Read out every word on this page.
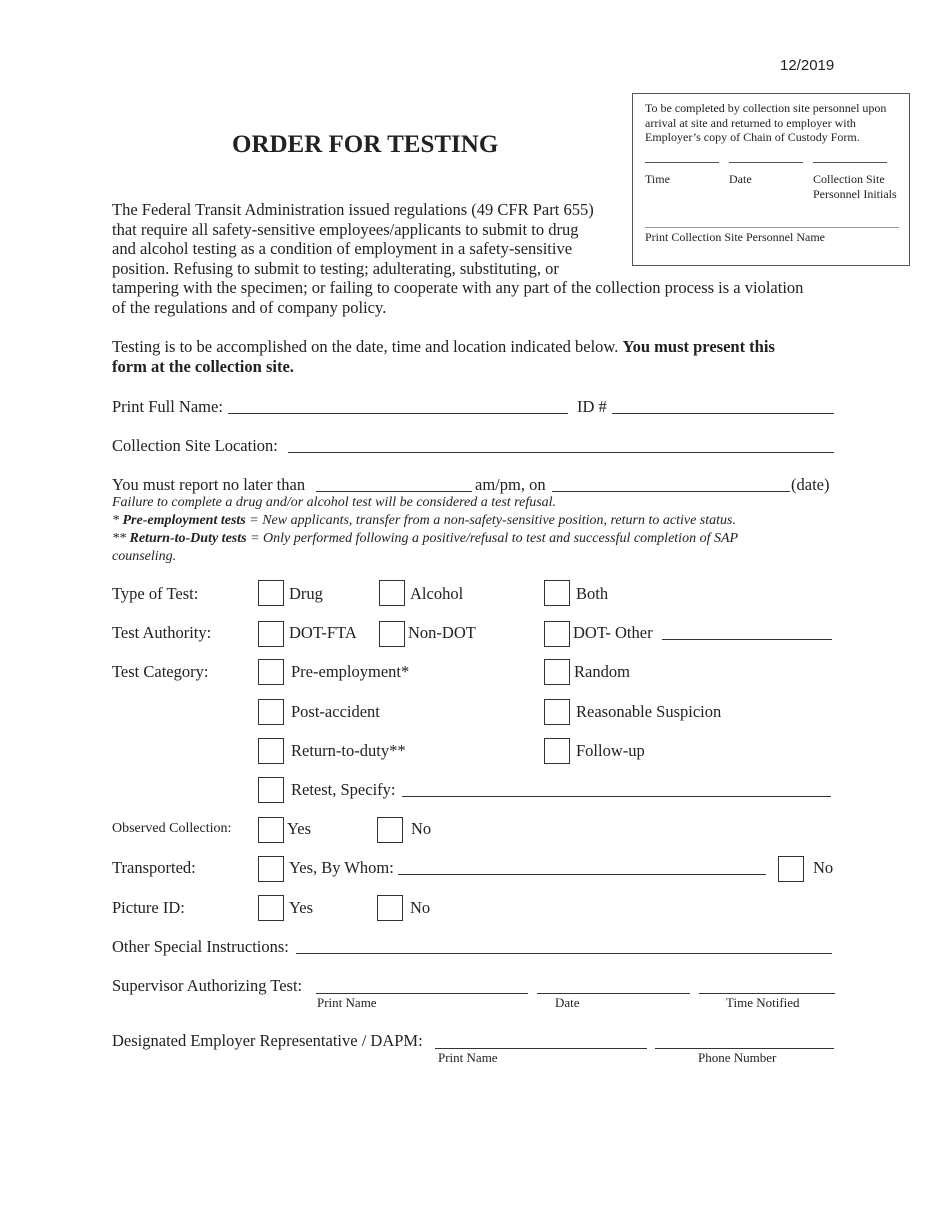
12/2019
To be completed by collection site personnel upon arrival at site and returned to employer with Employer’s copy of Chain of Custody Form.
Time	Date	Collection Site Personnel Initials
Print Collection Site Personnel Name
ORDER FOR TESTING
The Federal Transit Administration issued regulations (49 CFR Part 655)
that require all safety-sensitive employees/applicants to submit to drug
and alcohol testing as a condition of employment in a safety-sensitive
position. Refusing to submit to testing; adulterating, substituting, or
tampering with the specimen; or failing to cooperate with any part of the collection process is a violation
of the regulations and of company policy.
Testing is to be accomplished on the date, time and location indicated below. You must present this
form at the collection site.
Print Full Name:	ID #
Collection Site Location:
You must report no later than	am/pm, on	(date)
Failure to complete a drug and/or alcohol test will be considered a test refusal.
* Pre-employment tests = New applicants, transfer from a non-safety-sensitive position, return to active status.
** Return-to-Duty tests = Only performed following a positive/refusal to test and successful completion of SAP
counseling.
Type of Test:	Drug	Alcohol	Both
Test Authority:	DOT-FTA	Non-DOT	DOT- Other
Test Category:	Pre-employment*	Random
Post-accident	Reasonable Suspicion
Return-to-duty**	Follow-up
Retest, Specify:
Observed Collection:	Yes	No
Transported:	Yes, By Whom:	No
Picture ID:	Yes	No
Other Special Instructions:
Supervisor Authorizing Test:
Print Name	Date	Time Notified
Designated Employer Representative / DAPM:
Print Name	Phone Number
